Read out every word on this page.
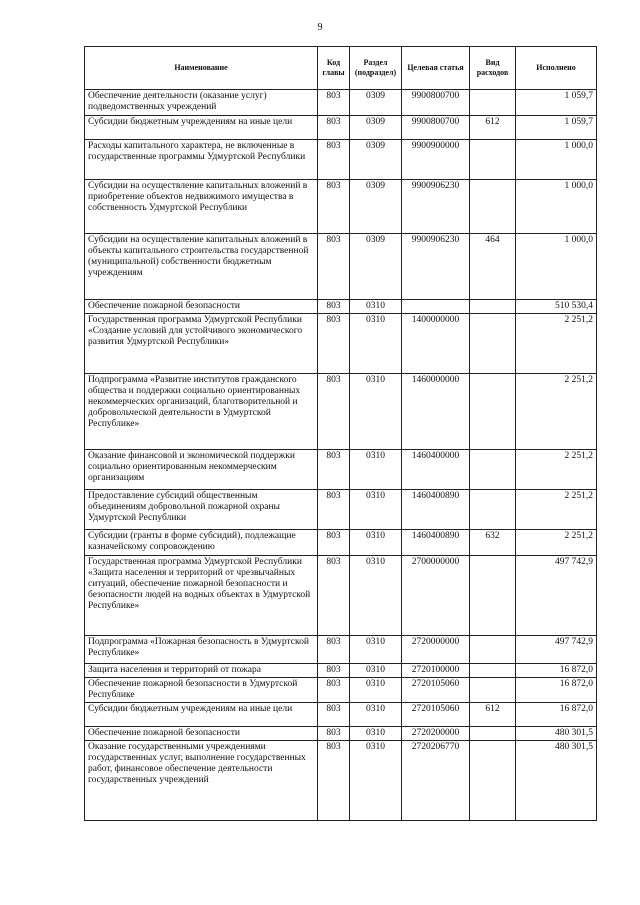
9
Наименование	Код главы	Раздел (подраздел)	Целевая статья	Вид расходов	Исполнено
Обеспечение деятельности (оказание услуг) подведомственных учреждений	803	0309	9900800700		1 059,7
Субсидии бюджетным учреждениям на иные цели	803	0309	9900800700	612	1 059,7
Расходы капитального характера, не включенные в государственные программы Удмуртской Республики	803	0309	9900900000		1 000,0
Субсидии на осуществление капитальных вложений в приобретение объектов недвижимого имущества в собственность Удмуртской Республики	803	0309	9900906230		1 000,0
Субсидии на осуществление капитальных вложений в объекты капитального строительства государственной (муниципальной) собственности бюджетным учреждениям	803	0309	9900906230	464	1 000,0
Обеспечение пожарной безопасности	803	0310			510 530,4
Государственная программа Удмуртской Республики «Создание условий для устойчивого экономического развития Удмуртской Республики»	803	0310	1400000000		2 251,2
Подпрограмма «Развитие институтов гражданского общества и поддержки социально ориентированных некоммерческих организаций, благотворительной и добровольческой деятельности в Удмуртской Республике»	803	0310	1460000000		2 251,2
Оказание финансовой и экономической поддержки социально ориентированным некоммерческим организациям	803	0310	1460400000		2 251,2
Предоставление субсидий общественным объединениям добровольной пожарной охраны Удмуртской Республики	803	0310	1460400890		2 251,2
Субсидии (гранты в форме субсидий), подлежащие казначейскому сопровождению	803	0310	1460400890	632	2 251,2
Государственная программа Удмуртской Республики «Защита населения и территорий от чрезвычайных ситуаций, обеспечение пожарной безопасности и безопасности людей на водных объектах в Удмуртской Республике»	803	0310	2700000000		497 742,9
Подпрограмма «Пожарная безопасность в Удмуртской Республике»	803	0310	2720000000		497 742,9
Защита населения и территорий от пожара	803	0310	2720100000		16 872,0
Обеспечение пожарной безопасности в Удмуртской Республике	803	0310	2720105060		16 872,0
Субсидии бюджетным учреждениям на иные цели	803	0310	2720105060	612	16 872,0
Обеспечение пожарной безопасности	803	0310	2720200000		480 301,5
Оказание государственными учреждениями государственных услуг, выполнение государственных работ, финансовое обеспечение деятельности государственных учреждений	803	0310	2720206770		480 301,5
